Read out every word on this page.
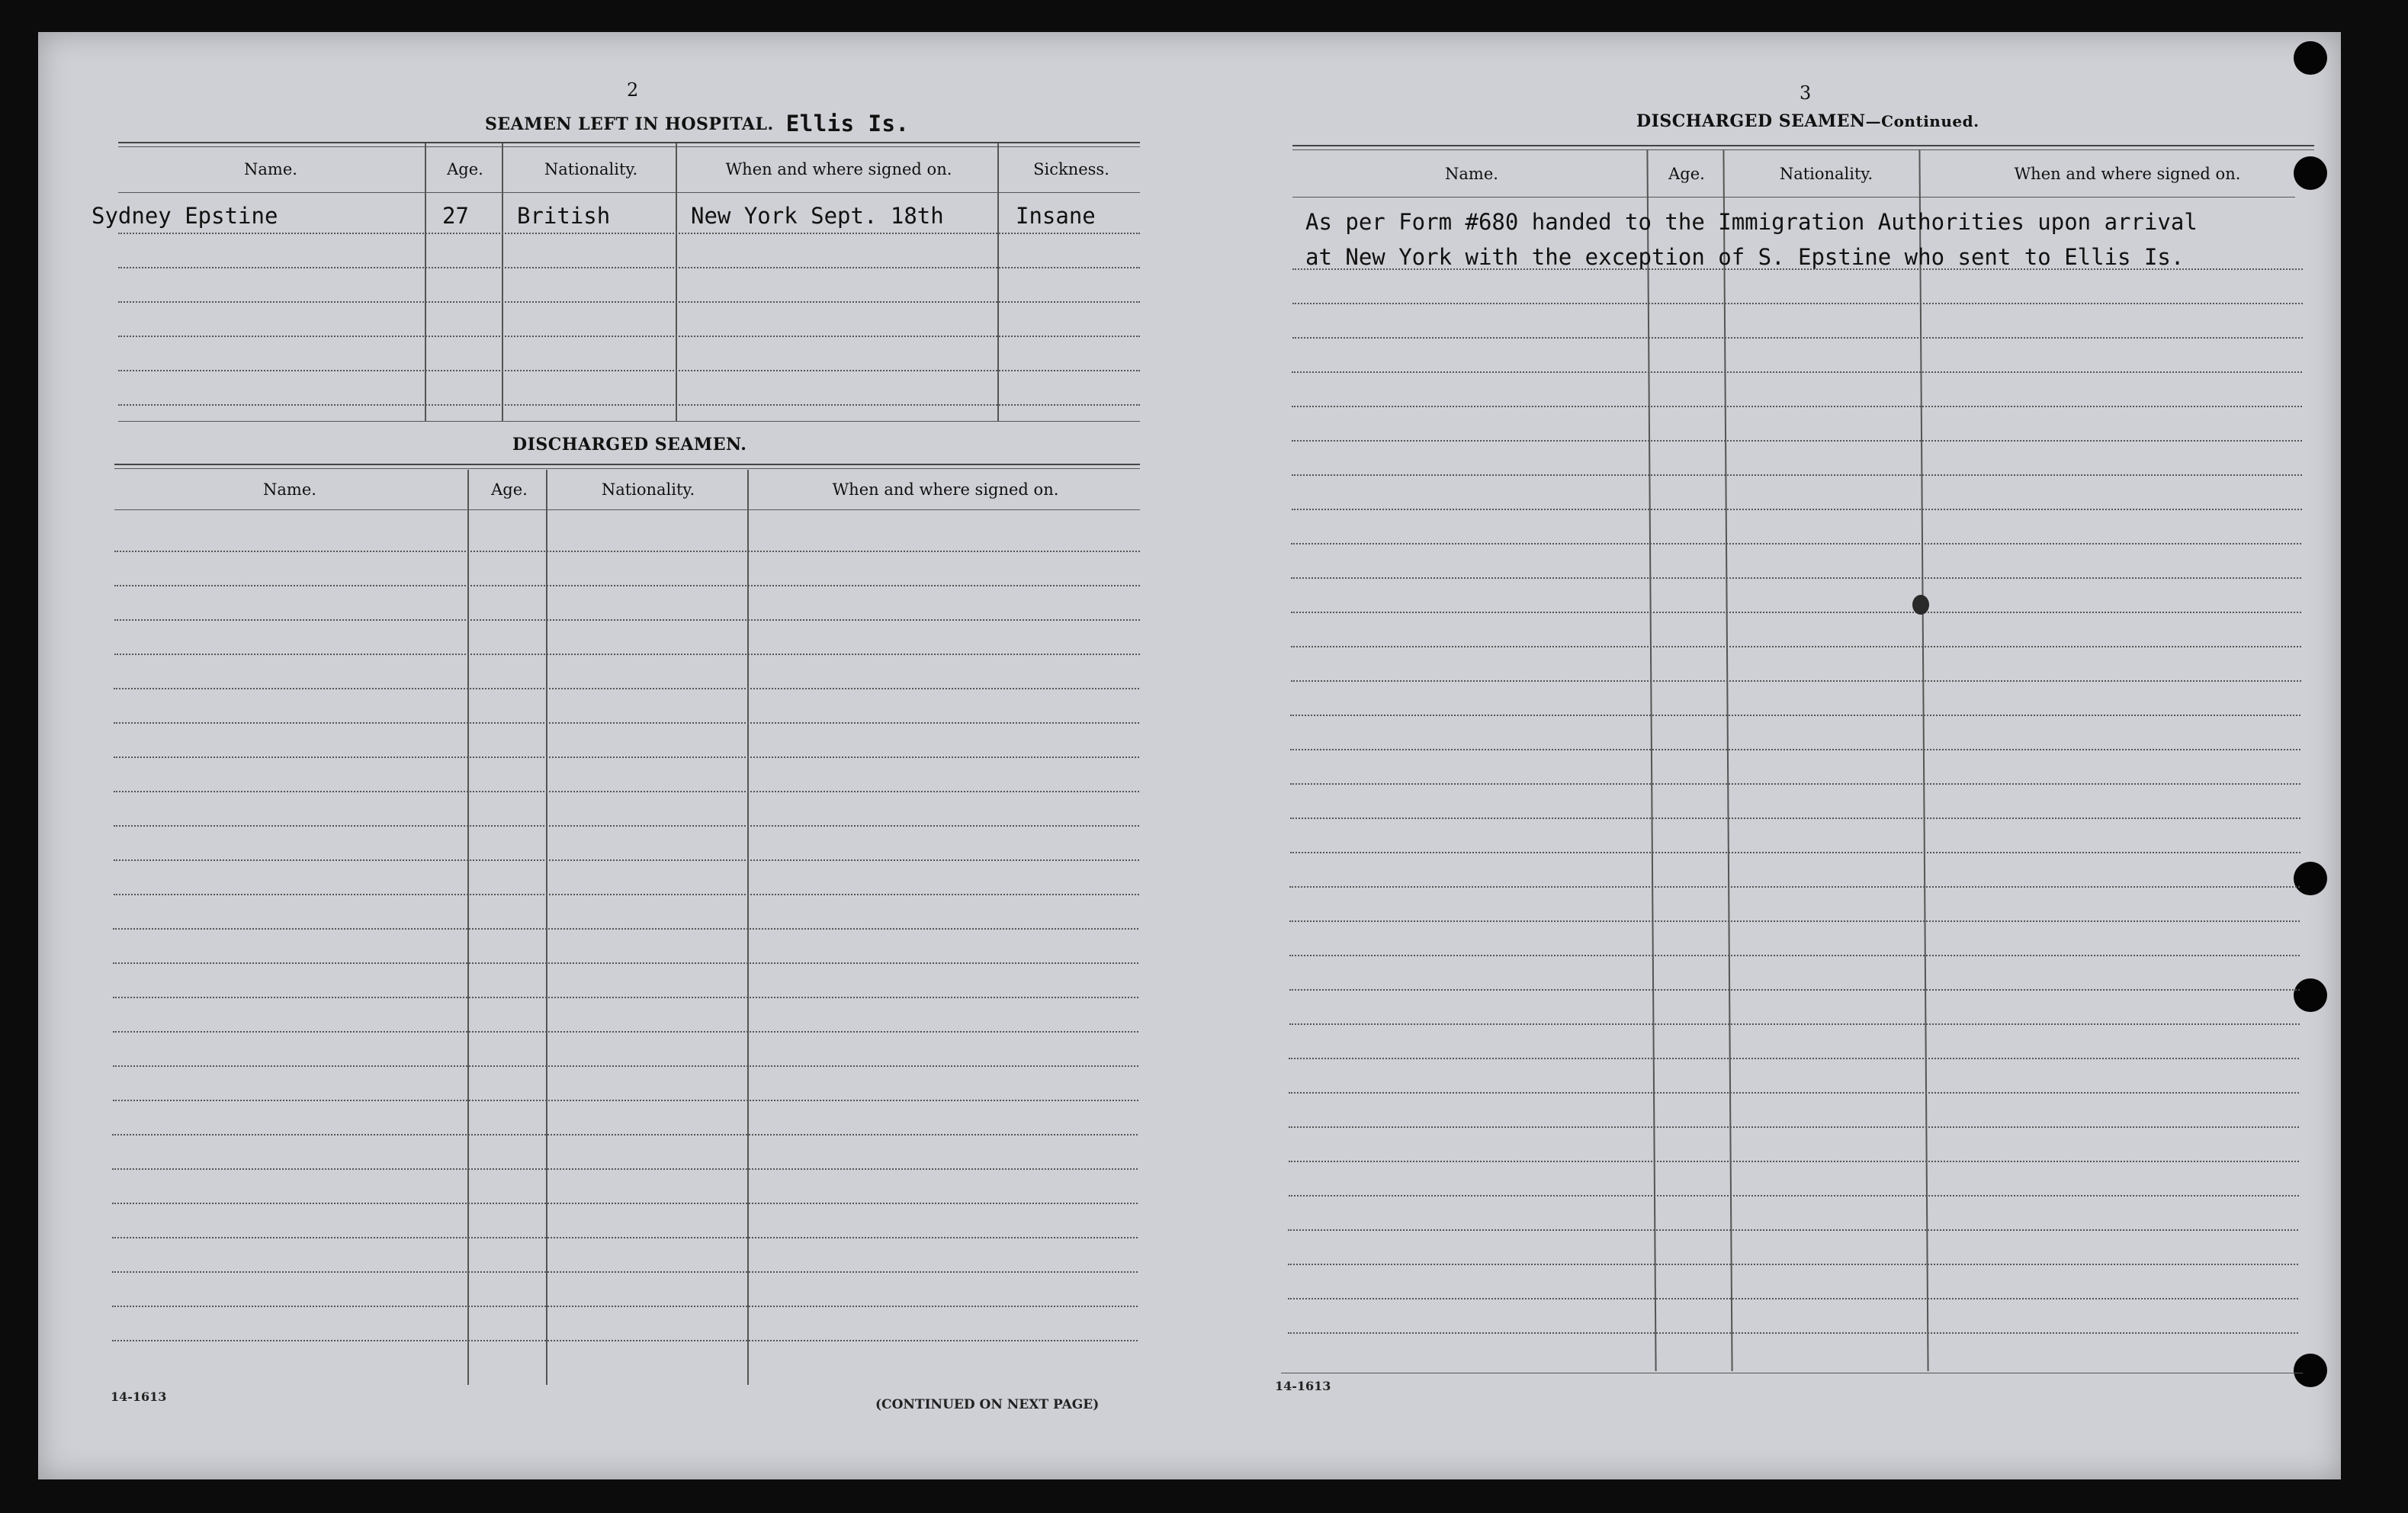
2
SEAMEN LEFT IN HOSPITAL. Ellis Is.
Name.	Age.	Nationality.	When and where signed on.	Sickness.
Sydney Epstine	27 British	New York Sept. 18th	Insane
DISCHARGED SEAMEN.
Name.	Age.	Nationality.	When and where signed on.
14-1613
(CONTINUED ON NEXT PAGE)
3
DISCHARGED SEAMEN—Continued.
Name.	Age.	Nationality.	When and where signed on.
As per Form #680 handed to the Immigration Authorities upon arrival
at New York with the exception of S. Epstine who sent to Ellis Is.
14-1613
